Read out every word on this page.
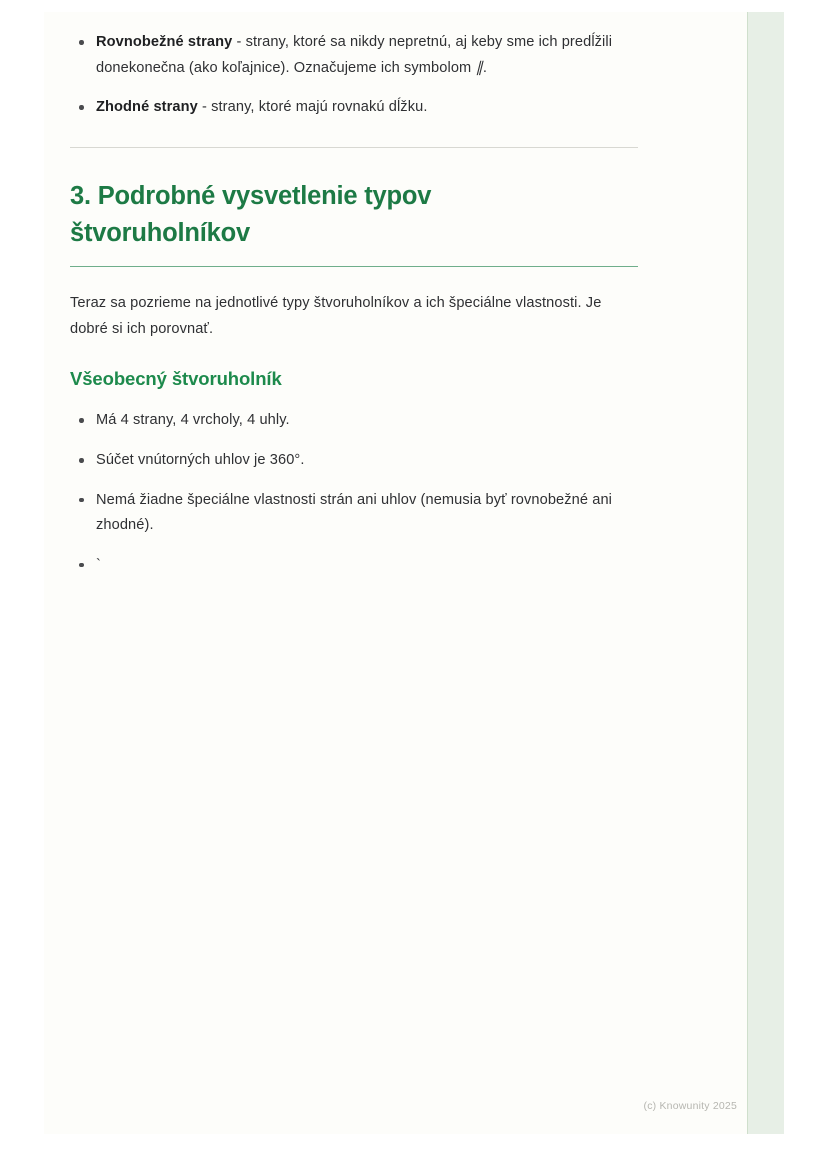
Rovnobežné strany - strany, ktoré sa nikdy nepretnú, aj keby sme ich predĺžili donekonečna (ako koľajnice). Označujeme ich symbolom ∥.
Zhodné strany - strany, ktoré majú rovnakú dĺžku.
3. Podrobné vysvetlenie typov štvoruholníkov

Teraz sa pozrieme na jednotlivé typy štvoruholníkov a ich špeciálne vlastnosti. Je dobré si ich porovnať.

Všeobecný štvoruholník
Má 4 strany, 4 vrcholy, 4 uhly.
Súčet vnútorných uhlov je 360°.
Nemá žiadne špeciálne vlastnosti strán ani uhlov (nemusia byť rovnobežné ani zhodné).
`
(c) Knowunity 2025
